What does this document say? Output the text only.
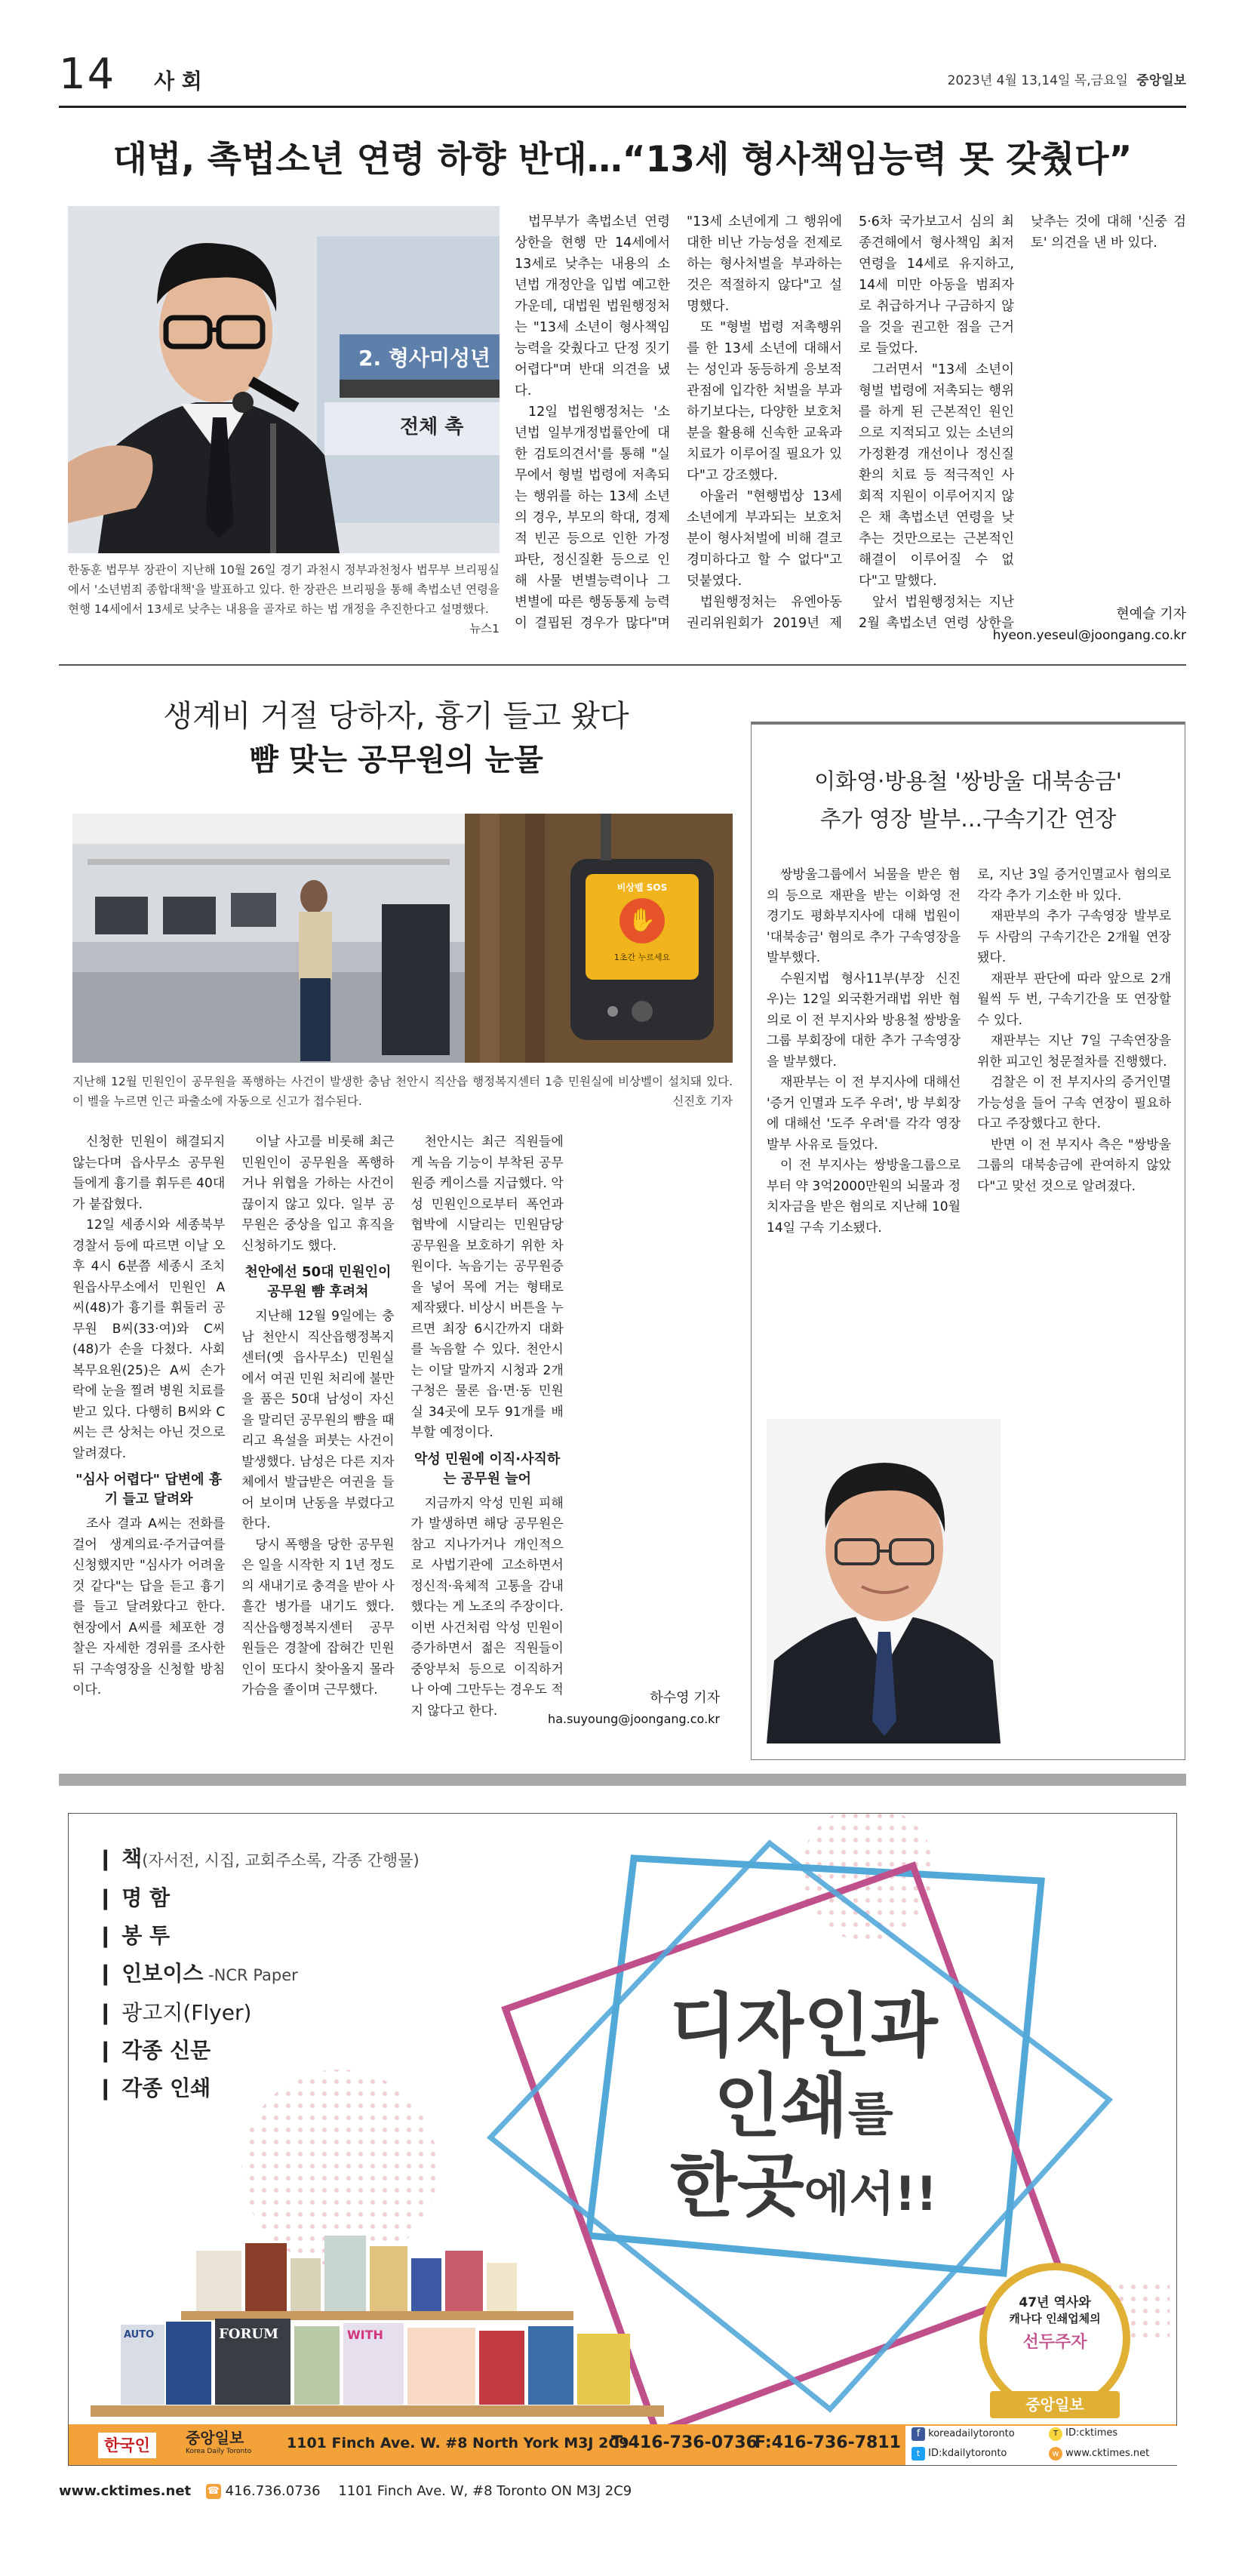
14 사 회	2023년 4월 13,14일 목,금요일 중앙일보
대법, 촉법소년 연령 하향 반대…“13세 형사책임능력 못 갖췄다”
2. 형사미성년
전체 촉
한동훈 법무부 장관이 지난해 10월 26일 경기 과천시 정부과천청사 법무부 브리핑실에서 '소년범죄 종합대책'을 발표하고 있다. 한 장관은 브리핑을 통해 촉법소년 연령을 현행 14세에서 13세로 낮추는 내용을 골자로 하는 법 개정을 추진한다고 설명했다.
뉴스1

법무부가 촉법소년 연령 상한을 현행 만 14세에서 13세로 낮추는 내용의 소년법 개정안을 입법 예고한 가운데, 대법원 법원행정처는 "13세 소년이 형사책임 능력을 갖췄다고 단정 짓기 어렵다"며 반대 의견을 냈다.

12일 법원행정처는 '소년법 일부개정법률안에 대한 검토의견서'를 통해 "실무에서 형벌 법령에 저촉되는 행위를 하는 13세 소년의 경우, 부모의 학대, 경제적 빈곤 등으로 인한 가정 파탄, 정신질환 등으로 인해 사물 변별능력이나 그 변별에 따른 행동통제 능력이 결핍된 경우가 많다"며 "13세 소년에게 그 행위에 대한 비난 가능성을 전제로 하는 형사처벌을 부과하는 것은 적절하지 않다"고 설명했다.

또 "형벌 법령 저촉행위를 한 13세 소년에 대해서는 성인과 동등하게 응보적 관점에 입각한 처벌을 부과하기보다는, 다양한 보호처분을 활용해 신속한 교육과 치료가 이루어질 필요가 있다"고 강조했다.

아울러 "현행법상 13세 소년에게 부과되는 보호처분이 형사처벌에 비해 결코 경미하다고 할 수 없다"고 덧붙였다.

법원행정처는 유엔아동권리위원회가 2019년 제5·6차 국가보고서 심의 최종견해에서 형사책임 최저 연령을 14세로 유지하고, 14세 미만 아동을 범죄자로 취급하거나 구금하지 않을 것을 권고한 점을 근거로 들었다.

그러면서 "13세 소년이 형벌 법령에 저촉되는 행위를 하게 된 근본적인 원인으로 지적되고 있는 소년의 가정환경 개선이나 정신질환의 치료 등 적극적인 사회적 지원이 이루어지지 않은 채 촉법소년 연령을 낮추는 것만으로는 근본적인 해결이 이루어질 수 없다"고 말했다.

앞서 법원행정처는 지난 2월 촉법소년 연령 상한을 낮추는 것에 대해 '신중 검토' 의견을 낸 바 있다.

현예슬 기자
hyeon.yeseul@joongang.co.kr
생계비 거절 당하자, 흉기 들고 왔다
뺨 맞는 공무원의 눈물
비상벨 SOS
✋
1초간 누르세요
지난해 12월 민원인이 공무원을 폭행하는 사건이 발생한 충남 천안시 직산읍 행정복지센터 1층 민원실에 비상벨이 설치돼 있다. 이 벨을 누르면 인근 파출소에 자동으로 신고가 접수된다.	신진호 기자

신청한 민원이 해결되지 않는다며 읍사무소 공무원들에게 흉기를 휘두른 40대가 붙잡혔다.

12일 세종시와 세종북부경찰서 등에 따르면 이날 오후 4시 6분쯤 세종시 조치원읍사무소에서 민원인 A씨(48)가 흉기를 휘둘러 공무원 B씨(33·여)와 C씨(48)가 손을 다쳤다. 사회복무요원(25)은 A씨 손가락에 눈을 찔려 병원 치료를 받고 있다. 다행히 B씨와 C씨는 큰 상처는 아닌 것으로 알려졌다.

"심사 어렵다" 답변에 흉기 들고 달려와

조사 결과 A씨는 전화를 걸어 생계의료·주거급여를 신청했지만 "심사가 어려울 것 같다"는 답을 듣고 흉기를 들고 달려왔다고 한다. 현장에서 A씨를 체포한 경찰은 자세한 경위를 조사한 뒤 구속영장을 신청할 방침이다.

이날 사고를 비롯해 최근 민원인이 공무원을 폭행하거나 위협을 가하는 사건이 끊이지 않고 있다. 일부 공무원은 중상을 입고 휴직을 신청하기도 했다.

천안에선 50대 민원인이 공무원 뺨 후려쳐

지난해 12월 9일에는 충남 천안시 직산읍행정복지센터(옛 읍사무소) 민원실에서 여권 민원 처리에 불만을 품은 50대 남성이 자신을 말리던 공무원의 뺨을 때리고 욕설을 퍼붓는 사건이 발생했다. 남성은 다른 지자체에서 발급받은 여권을 들어 보이며 난동을 부렸다고 한다.

당시 폭행을 당한 공무원은 일을 시작한 지 1년 정도의 새내기로 충격을 받아 사흘간 병가를 내기도 했다. 직산읍행정복지센터 공무원들은 경찰에 잡혀간 민원인이 또다시 찾아올지 몰라 가슴을 졸이며 근무했다.

천안시는 최근 직원들에게 녹음 기능이 부착된 공무원증 케이스를 지급했다. 악성 민원인으로부터 폭언과 협박에 시달리는 민원담당 공무원을 보호하기 위한 차원이다. 녹음기는 공무원증을 넣어 목에 거는 형태로 제작됐다. 비상시 버튼을 누르면 최장 6시간까지 대화를 녹음할 수 있다. 천안시는 이달 말까지 시청과 2개 구청은 물론 읍·면·동 민원실 34곳에 모두 91개를 배부할 예정이다.

악성 민원에 이직·사직하는 공무원 늘어

지금까지 악성 민원 피해가 발생하면 해당 공무원은 참고 지나가거나 개인적으로 사법기관에 고소하면서 정신적·육체적 고통을 감내했다는 게 노조의 주장이다. 이번 사건처럼 악성 민원이 증가하면서 젊은 직원들이 중앙부처 등으로 이직하거나 아예 그만두는 경우도 적지 않다고 한다.

하수영 기자
ha.suyoung@joongang.co.kr
이화영·방용철 '쌍방울 대북송금'
추가 영장 발부…구속기간 연장

쌍방울그룹에서 뇌물을 받은 혐의 등으로 재판을 받는 이화영 전 경기도 평화부지사에 대해 법원이 '대북송금' 혐의로 추가 구속영장을 발부했다.

수원지법 형사11부(부장 신진우)는 12일 외국환거래법 위반 혐의로 이 전 부지사와 방용철 쌍방울그룹 부회장에 대한 추가 구속영장을 발부했다.

재판부는 이 전 부지사에 대해선 '증거 인멸과 도주 우려', 방 부회장에 대해선 '도주 우려'를 각각 영장 발부 사유로 들었다.

이 전 부지사는 쌍방울그룹으로부터 약 3억2000만원의 뇌물과 정치자금을 받은 혐의로 지난해 10월 14일 구속 기소됐다.

로, 지난 3일 증거인멸교사 혐의로 각각 추가 기소한 바 있다.

재판부의 추가 구속영장 발부로 두 사람의 구속기간은 2개월 연장됐다.

재판부 판단에 따라 앞으로 2개월씩 두 번, 구속기간을 또 연장할 수 있다.

재판부는 지난 7일 구속연장을 위한 피고인 청문절차를 진행했다.

검찰은 이 전 부지사의 증거인멸 가능성을 들어 구속 연장이 필요하다고 주장했다고 한다.

반면 이 전 부지사 측은 "쌍방울그룹의 대북송금에 관여하지 않았다"고 맞선 것으로 알려졌다.

❙ 책(자서전, 시집, 교회주소록, 각종 간행물)
❙ 명 함
❙ 봉 투
❙ 인보이스 -NCR Paper
❙ 광고지(Flyer)
❙ 각종 신문
❙ 각종 인쇄
디자인과
인쇄를
한곳에서!!
FORUM
AUTO	WITH
47년 역사와
캐나다 인쇄업체의
선두주자
중앙일보
한국인	중앙일보
Korea Daily Toronto 1101 Finch Ave. W. #8 North York M3J 2C9
T:416-736-0736
F:416-736-7811	f koreadailytoronto	T ID:cktimes
t ID:kdailytoronto	w www.cktimes.net
www.cktimes.net ☎ 416.736.0736 1101 Finch Ave. W, #8 Toronto ON M3J 2C9
